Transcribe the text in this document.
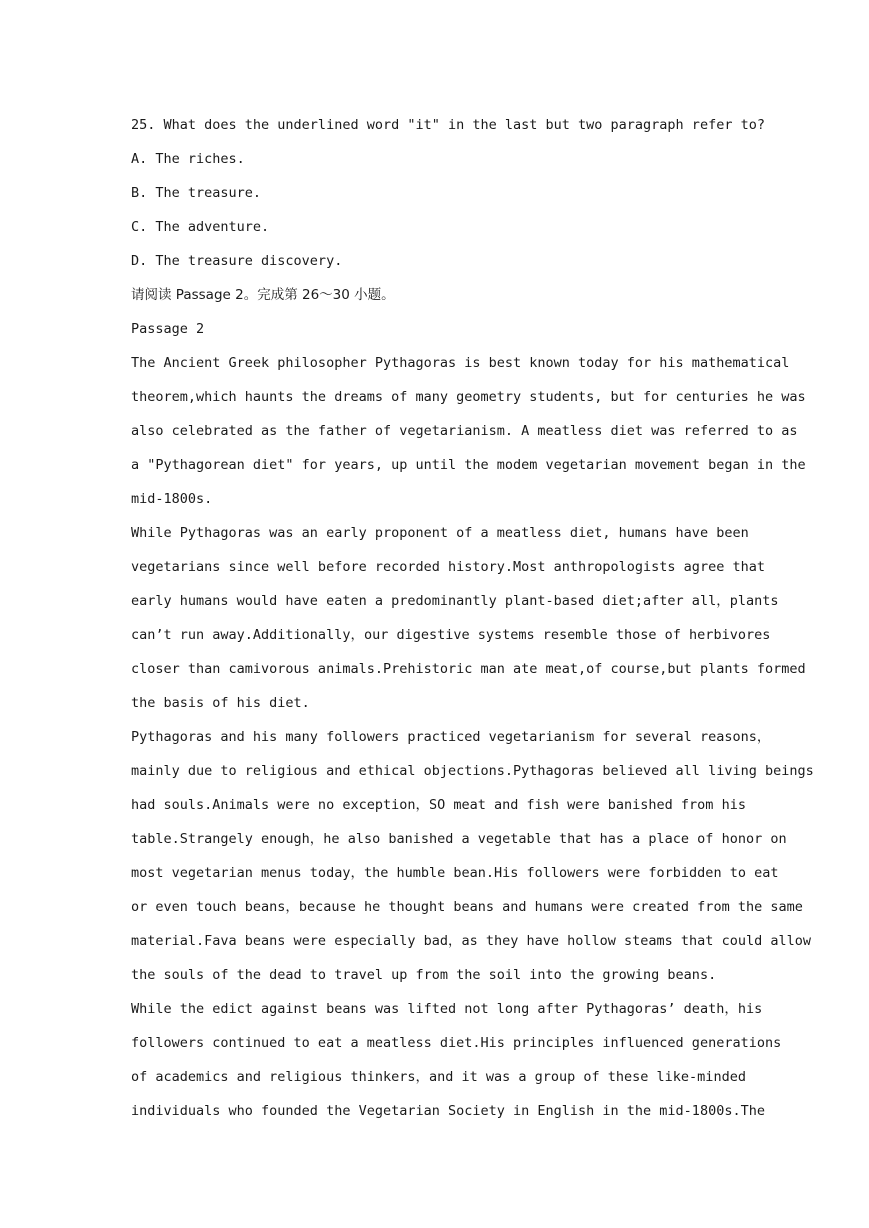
25. What does the underlined word "it" in the last but two paragraph refer to?
A. The riches.
B. The treasure.
C. The adventure.
D. The treasure discovery.
请阅读 Passage 2。完成第 26～30 小题。
Passage 2
The Ancient Greek philosopher Pythagoras is best known today for his mathematical
theorem,which haunts the dreams of many geometry students, but for centuries he was
also celebrated as the father of vegetarianism. A meatless diet was referred to as
a "Pythagorean diet" for years, up until the modem vegetarian movement began in the
mid-1800s.
While Pythagoras was an early proponent of a meatless diet, humans have been
vegetarians since well before recorded history.Most anthropologists agree that
early humans would have eaten a predominantly plant-based diet;after all，plants
can’t run away.Additionally，our digestive systems resemble those of herbivores
closer than camivorous animals.Prehistoric man ate meat,of course,but plants formed
the basis of his diet.
Pythagoras and his many followers practiced vegetarianism for several reasons，
mainly due to religious and ethical objections.Pythagoras believed all living beings
had souls.Animals were no exception，SO meat and fish were banished from his
table.Strangely enough，he also banished a vegetable that has a place of honor on
most vegetarian menus today，the humble bean.His followers were forbidden to eat
or even touch beans，because he thought beans and humans were created from the same
material.Fava beans were especially bad，as they have hollow steams that could allow
the souls of the dead to travel up from the soil into the growing beans.
While the edict against beans was lifted not long after Pythagoras’ death，his
followers continued to eat a meatless diet.His principles influenced generations
of academics and religious thinkers，and it was a group of these like-minded
individuals who founded the Vegetarian Society in English in the mid-1800s.The
